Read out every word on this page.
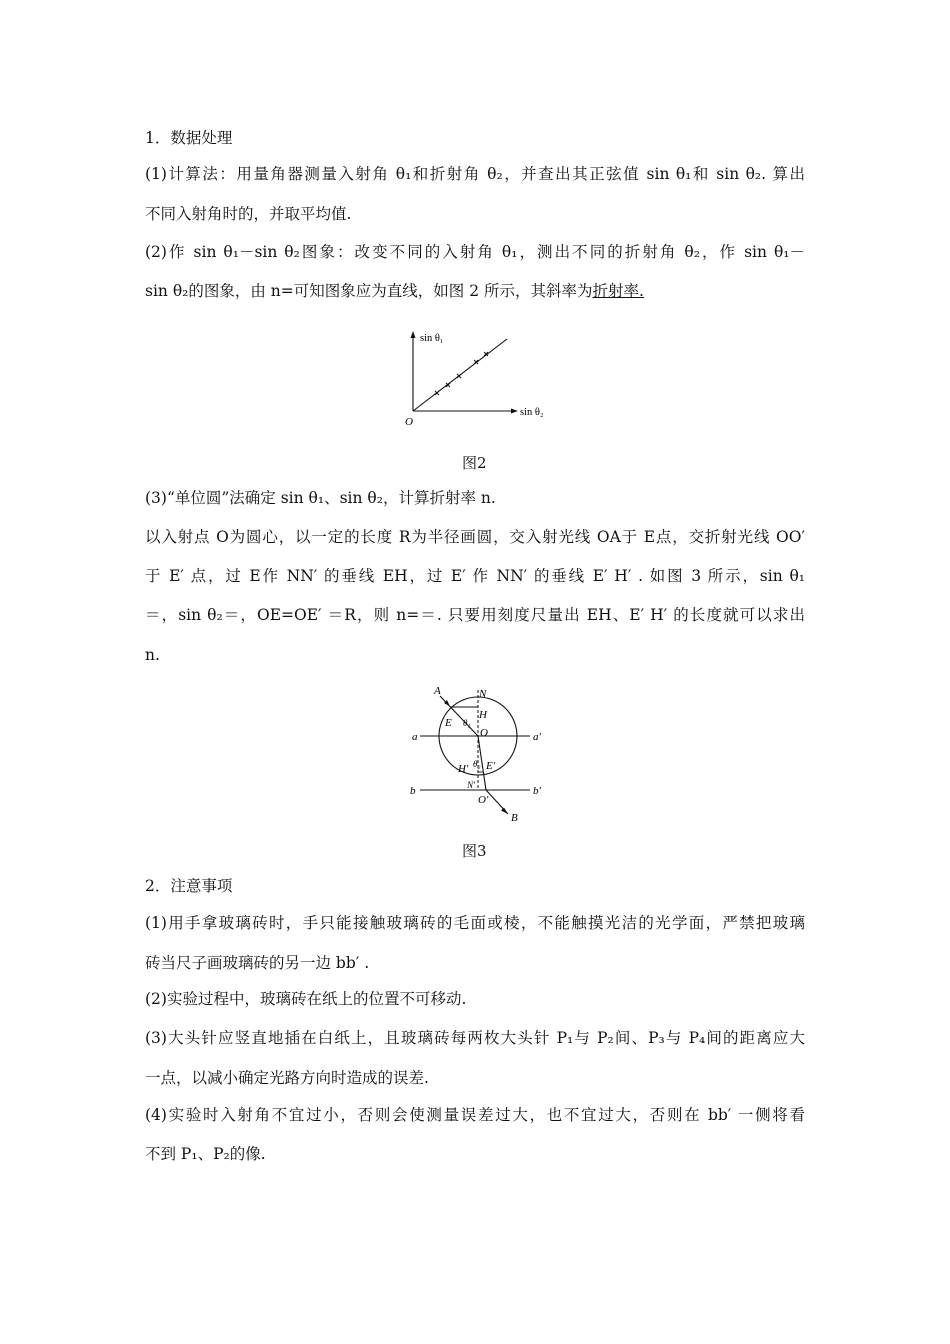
1．数据处理
(1)计算法：用量角器测量入射角 θ₁和折射角 θ₂，并查出其正弦值 sin θ₁和 sin θ₂. 算出
不同入射角时的，并取平均值.
(2)作 sin θ₁－sin θ₂图象：改变不同的入射角 θ₁，测出不同的折射角 θ₂，作 sin θ₁－
sin θ₂的图象，由 n=可知图象应为直线，如图 2 所示，其斜率为折射率.
sin θ₁
sin θ₂
O
图2
(3)“单位圆”法确定 sin θ₁、sin θ₂，计算折射率 n.
以入射点 O为圆心，以一定的长度 R为半径画圆，交入射光线 OA于 E点，交折射光线 OO′
于 E′ 点，过 E作 NN′ 的垂线 EH，过 E′ 作 NN′ 的垂线 E′ H′ . 如图 3 所示，sin θ₁
＝，sin θ₂＝，OE=OE′ ＝R，则 n=＝. 只要用刻度尺量出 EH、E′ H′ 的长度就可以求出
n.
A	N
E
H
θ₁
O
a	a′
θ₂
H′ E′
N′
b	b′
O′
B
图3
2．注意事项
(1)用手拿玻璃砖时，手只能接触玻璃砖的毛面或棱，不能触摸光洁的光学面，严禁把玻璃
砖当尺子画玻璃砖的另一边 bb′ .
(2)实验过程中，玻璃砖在纸上的位置不可移动.
(3)大头针应竖直地插在白纸上，且玻璃砖每两枚大头针 P₁与 P₂间、P₃与 P₄间的距离应大
一点，以减小确定光路方向时造成的误差.
(4)实验时入射角不宜过小，否则会使测量误差过大，也不宜过大，否则在 bb′ 一侧将看
不到 P₁、P₂的像.
